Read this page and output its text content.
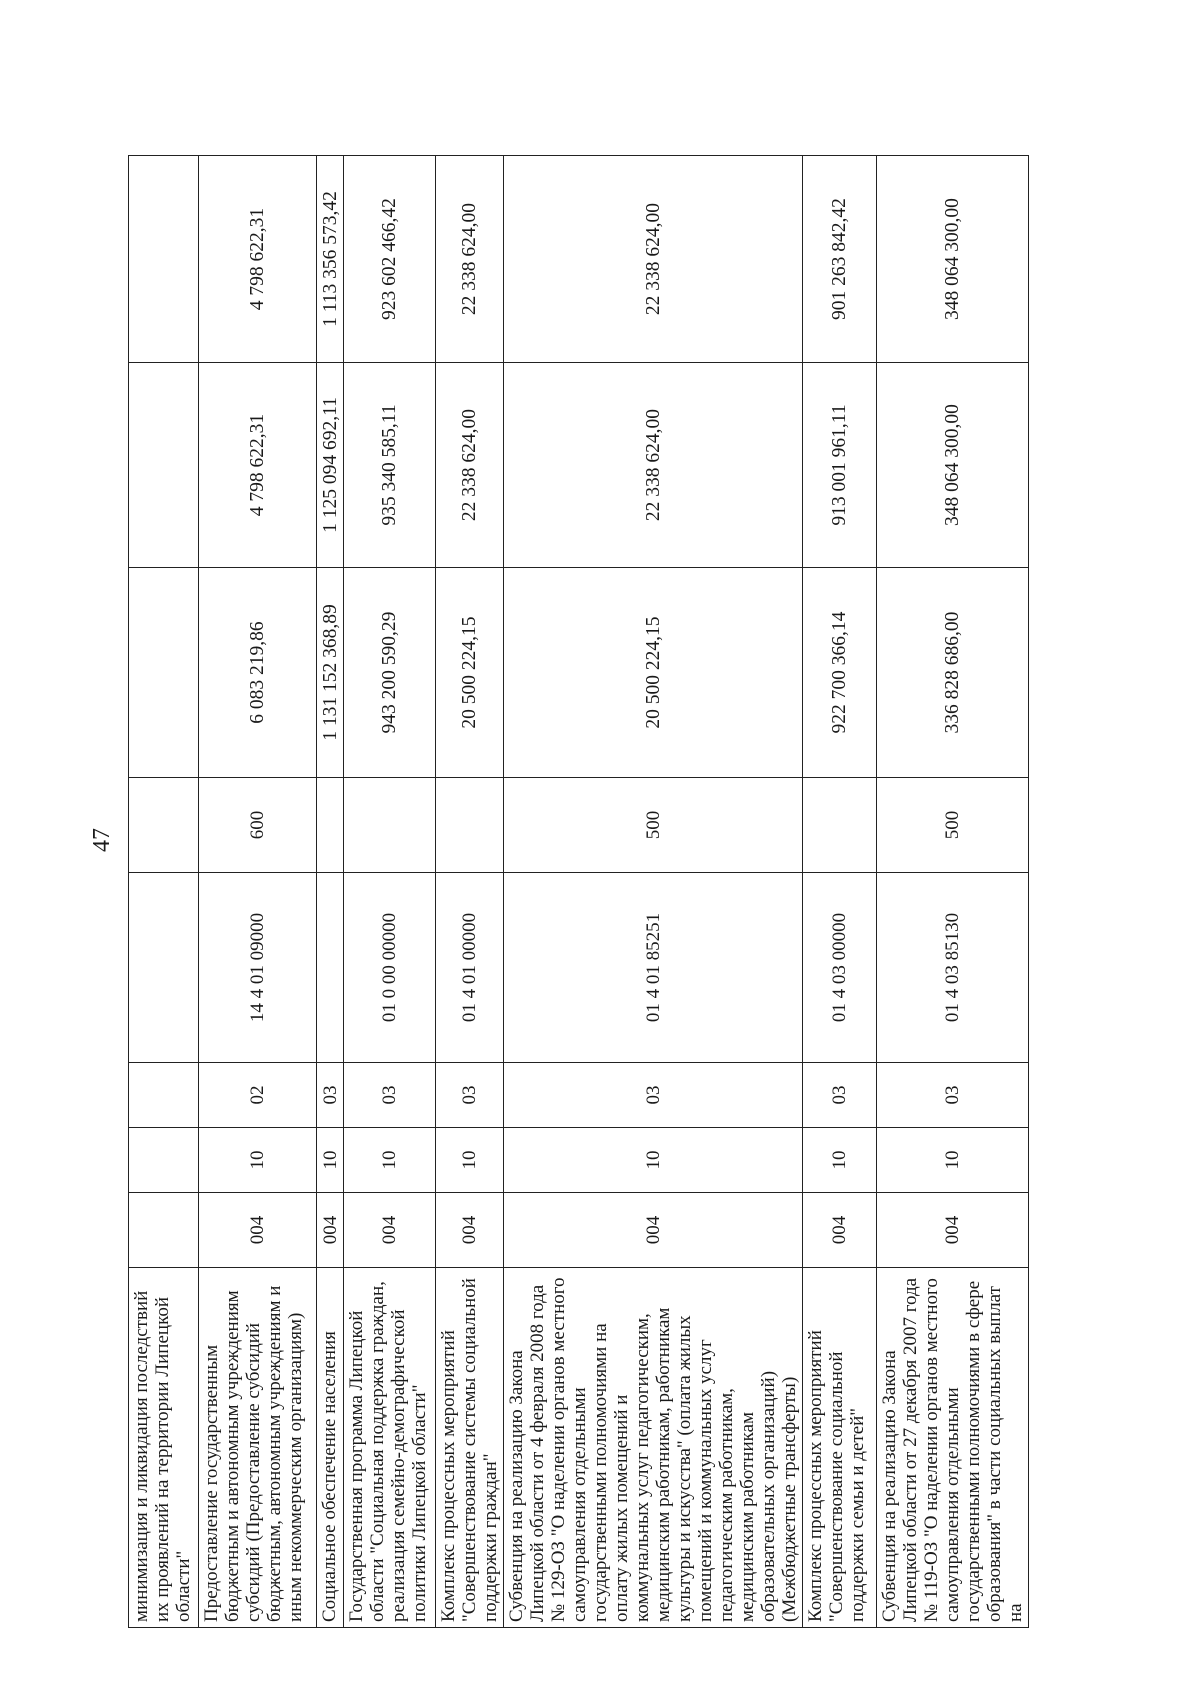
47
минимизация и ликвидация последствий их проявлений на территории Липецкой области"								
Предоставление государственным бюджетным и автономным учреждениям субсидий (Предоставление субсидий бюджетным, автономным учреждениям и иным некоммерческим организациям)	004	10	02	14 4 01 09000	600	6 083 219,86	4 798 622,31	4 798 622,31
Социальное обеспечение населения	004	10	03			1 131 152 368,89	1 125 094 692,11	1 113 356 573,42
Государственная программа Липецкой области "Социальная поддержка граждан, реализация семейно-демографической политики Липецкой области"	004	10	03	01 0 00 00000		943 200 590,29	935 340 585,11	923 602 466,42
Комплекс процессных мероприятий "Совершенствование системы социальной поддержки граждан"	004	10	03	01 4 01 00000		20 500 224,15	22 338 624,00	22 338 624,00
Субвенция на реализацию Закона Липецкой области от 4 февраля 2008 года № 129-ОЗ "О наделении органов местного самоуправления отдельными государственными полномочиями на оплату жилых помещений и коммунальных услуг педагогическим, медицинским работникам, работникам культуры и искусства" (оплата жилых помещений и коммунальных услуг педагогическим работникам, медицинским работникам образовательных организаций) (Межбюджетные трансферты)	004	10	03	01 4 01 85251	500	20 500 224,15	22 338 624,00	22 338 624,00
Комплекс процессных мероприятий "Совершенствование социальной поддержки семьи и детей"	004	10	03	01 4 03 00000		922 700 366,14	913 001 961,11	901 263 842,42
Субвенция на реализацию Закона Липецкой области от 27 декабря 2007 года № 119-ОЗ "О наделении органов местного самоуправления отдельными государственными полномочиями в сфере образования" в части социальных выплат на	004	10	03	01 4 03 85130	500	336 828 686,00	348 064 300,00	348 064 300,00
